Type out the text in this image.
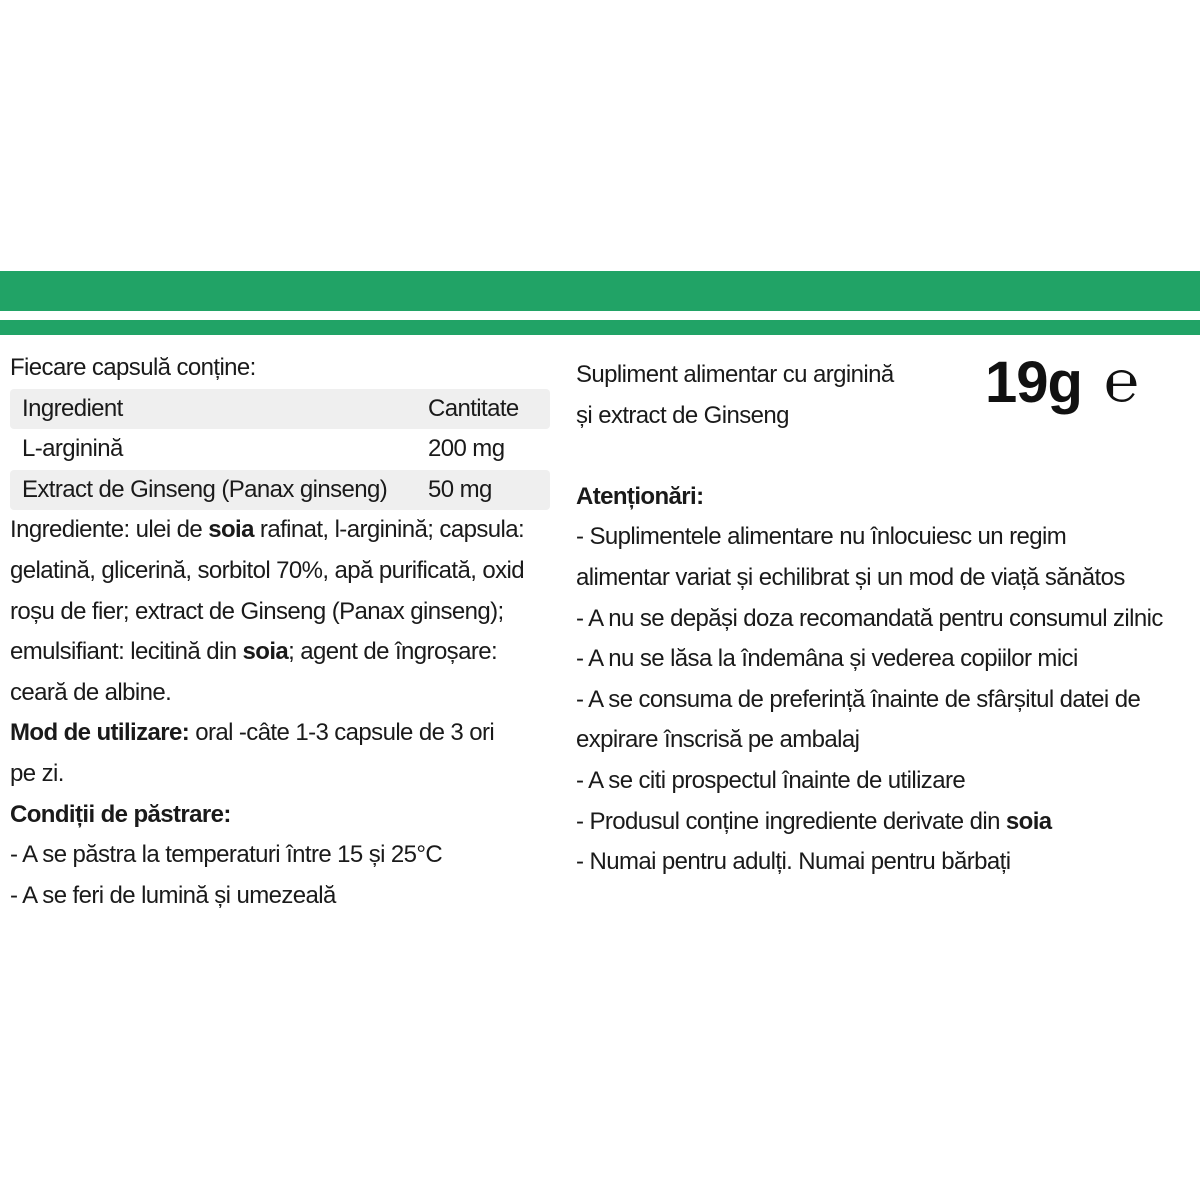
Fiecare capsulă conține:
Ingredient	Cantitate
L-arginină	200 mg
Extract de Ginseng (Panax ginseng)	50 mg
Ingrediente: ulei de soia rafinat, l-arginină; capsula:
gelatină, glicerină, sorbitol 70%, apă purificată, oxid
roșu de fier; extract de Ginseng (Panax ginseng);
emulsifiant: lecitină din soia; agent de îngroșare:
ceară de albine.
Mod de utilizare: oral -câte 1-3 capsule de 3 ori
pe zi.
Condiții de păstrare:
- A se păstra la temperaturi între 15 și 25°C
- A se feri de lumină și umezeală
Supliment alimentar cu arginină
și extract de Ginseng
Atenționări:
- Suplimentele alimentare nu înlocuiesc un regim
alimentar variat și echilibrat și un mod de viață sănătos
- A nu se depăși doza recomandată pentru consumul zilnic
- A nu se lăsa la îndemâna și vederea copiilor mici
- A se consuma de preferință înainte de sfârșitul datei de
expirare înscrisă pe ambalaj
- A se citi prospectul înainte de utilizare
- Produsul conține ingrediente derivate din soia
- Numai pentru adulți. Numai pentru bărbați
19g ℮
